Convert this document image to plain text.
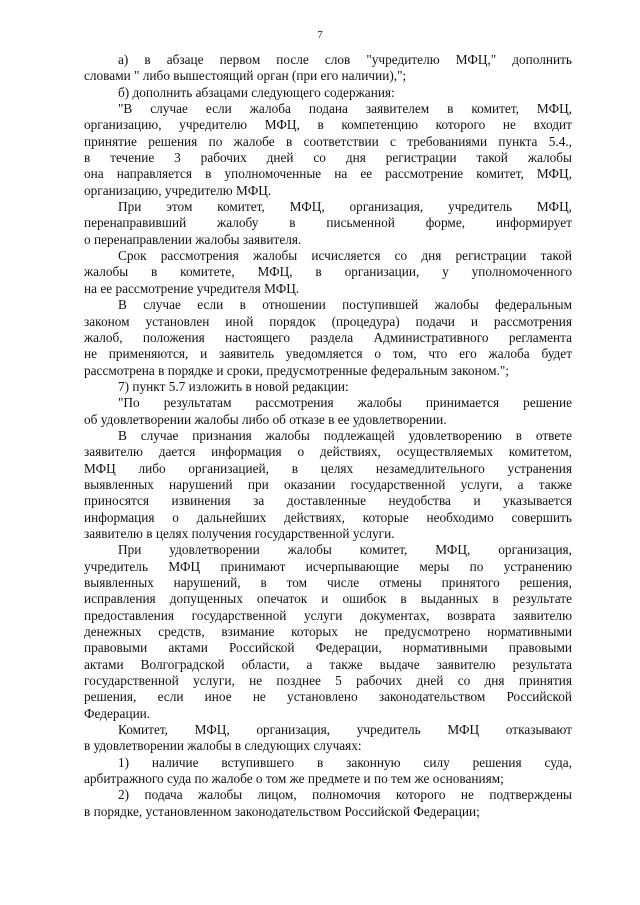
7
а) в абзаце первом после слов "учредителю МФЦ," дополнить
словами " либо вышестоящий орган (при его наличии),";
б) дополнить абзацами следующего содержания:
"В случае если жалоба подана заявителем в комитет, МФЦ,
организацию, учредителю МФЦ, в компетенцию которого не входит
принятие решения по жалобе в соответствии с требованиями пункта 5.4.,
в течение 3 рабочих дней со дня регистрации такой жалобы
она направляется в уполномоченные на ее рассмотрение комитет, МФЦ,
организацию, учредителю МФЦ.
При этом комитет, МФЦ, организация, учредитель МФЦ,
перенаправивший жалобу в письменной форме, информирует
о перенаправлении жалобы заявителя.
Срок рассмотрения жалобы исчисляется со дня регистрации такой
жалобы в комитете, МФЦ, в организации, у уполномоченного
на ее рассмотрение учредителя МФЦ.
В случае если в отношении поступившей жалобы федеральным
законом установлен иной порядок (процедура) подачи и рассмотрения
жалоб, положения настоящего раздела Административного регламента
не применяются, и заявитель уведомляется о том, что его жалоба будет
рассмотрена в порядке и сроки, предусмотренные федеральным законом.";
7) пункт 5.7 изложить в новой редакции:
"По результатам рассмотрения жалобы принимается решение
об удовлетворении жалобы либо об отказе в ее удовлетворении.
В случае признания жалобы подлежащей удовлетворению в ответе
заявителю дается информация о действиях, осуществляемых комитетом,
МФЦ либо организацией, в целях незамедлительного устранения
выявленных нарушений при оказании государственной услуги, а также
приносятся извинения за доставленные неудобства и указывается
информация о дальнейших действиях, которые необходимо совершить
заявителю в целях получения государственной услуги.
При удовлетворении жалобы комитет, МФЦ, организация,
учредитель МФЦ принимают исчерпывающие меры по устранению
выявленных нарушений, в том числе отмены принятого решения,
исправления допущенных опечаток и ошибок в выданных в результате
предоставления государственной услуги документах, возврата заявителю
денежных средств, взимание которых не предусмотрено нормативными
правовыми актами Российской Федерации, нормативными правовыми
актами Волгоградской области, а также выдаче заявителю результата
государственной услуги, не позднее 5 рабочих дней со дня принятия
решения, если иное не установлено законодательством Российской
Федерации.
Комитет, МФЦ, организация, учредитель МФЦ отказывают
в удовлетворении жалобы в следующих случаях:
1) наличие вступившего в законную силу решения суда,
арбитражного суда по жалобе о том же предмете и по тем же основаниям;
2) подача жалобы лицом, полномочия которого не подтверждены
в порядке, установленном законодательством Российской Федерации;
